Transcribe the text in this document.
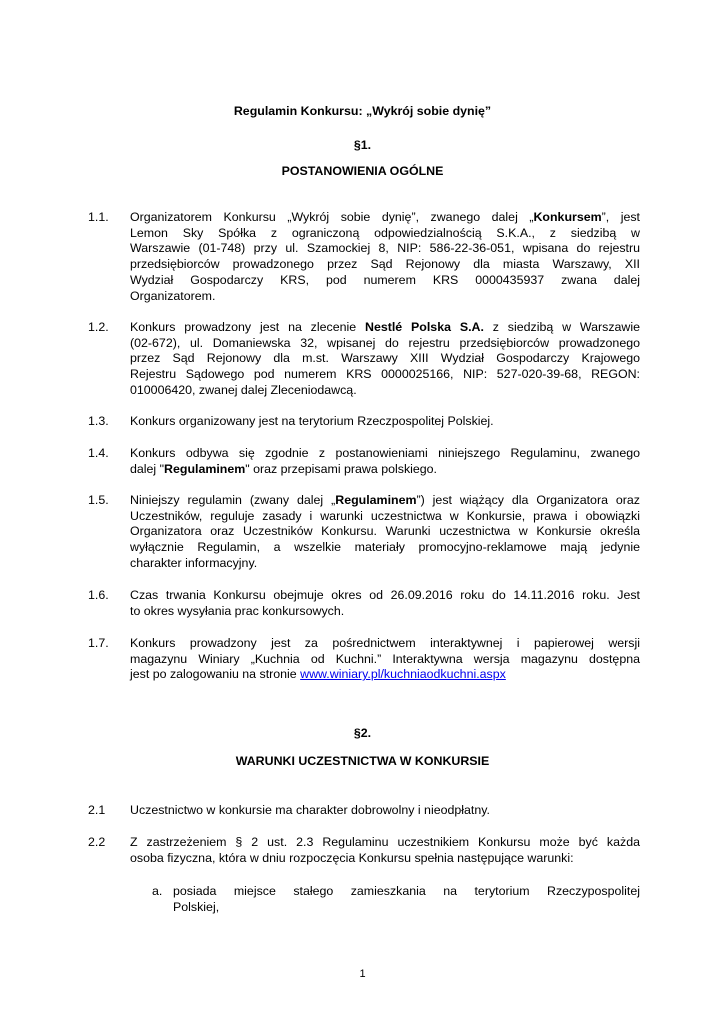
Regulamin Konkursu: „Wykrój sobie dynię”
§1.
POSTANOWIENIA OGÓLNE
1.1. Organizatorem Konkursu „Wykrój sobie dynię”, zwanego dalej „Konkursem”, jest
Lemon Sky Spółka z ograniczoną odpowiedzialnością S.K.A., z siedzibą w
Warszawie (01-748) przy ul. Szamockiej 8, NIP: 586-22-36-051, wpisana do rejestru
przedsiębiorców prowadzonego przez Sąd Rejonowy dla miasta Warszawy, XII
Wydział Gospodarczy KRS, pod numerem KRS 0000435937 zwana dalej
Organizatorem.
1.2. Konkurs prowadzony jest na zlecenie Nestlé Polska S.A. z siedzibą w Warszawie
(02-672), ul. Domaniewska 32, wpisanej do rejestru przedsiębiorców prowadzonego
przez Sąd Rejonowy dla m.st. Warszawy XIII Wydział Gospodarczy Krajowego
Rejestru Sądowego pod numerem KRS 0000025166, NIP: 527-020-39-68, REGON:
010006420, zwanej dalej Zleceniodawcą.
1.3. Konkurs organizowany jest na terytorium Rzeczpospolitej Polskiej.
1.4. Konkurs odbywa się zgodnie z postanowieniami niniejszego Regulaminu, zwanego
dalej "Regulaminem" oraz przepisami prawa polskiego.
1.5. Niniejszy regulamin (zwany dalej „Regulaminem”) jest wiążący dla Organizatora oraz
Uczestników, reguluje zasady i warunki uczestnictwa w Konkursie, prawa i obowiązki
Organizatora oraz Uczestników Konkursu. Warunki uczestnictwa w Konkursie określa
wyłącznie Regulamin, a wszelkie materiały promocyjno-reklamowe mają jedynie
charakter informacyjny.
1.6. Czas trwania Konkursu obejmuje okres od 26.09.2016 roku do 14.11.2016 roku. Jest
to okres wysyłania prac konkursowych.
1.7. Konkurs prowadzony jest za pośrednictwem interaktywnej i papierowej wersji
magazynu Winiary „Kuchnia od Kuchni.” Interaktywna wersja magazynu dostępna
jest po zalogowaniu na stronie www.winiary.pl/kuchniaodkuchni.aspx
§2.
WARUNKI UCZESTNICTWA W KONKURSIE
2.1 Uczestnictwo w konkursie ma charakter dobrowolny i nieodpłatny.
2.2 Z zastrzeżeniem § 2 ust. 2.3 Regulaminu uczestnikiem Konkursu może być każda
osoba fizyczna, która w dniu rozpoczęcia Konkursu spełnia następujące warunki:
a. posiada miejsce stałego zamieszkania na terytorium Rzeczypospolitej
Polskiej,
1
